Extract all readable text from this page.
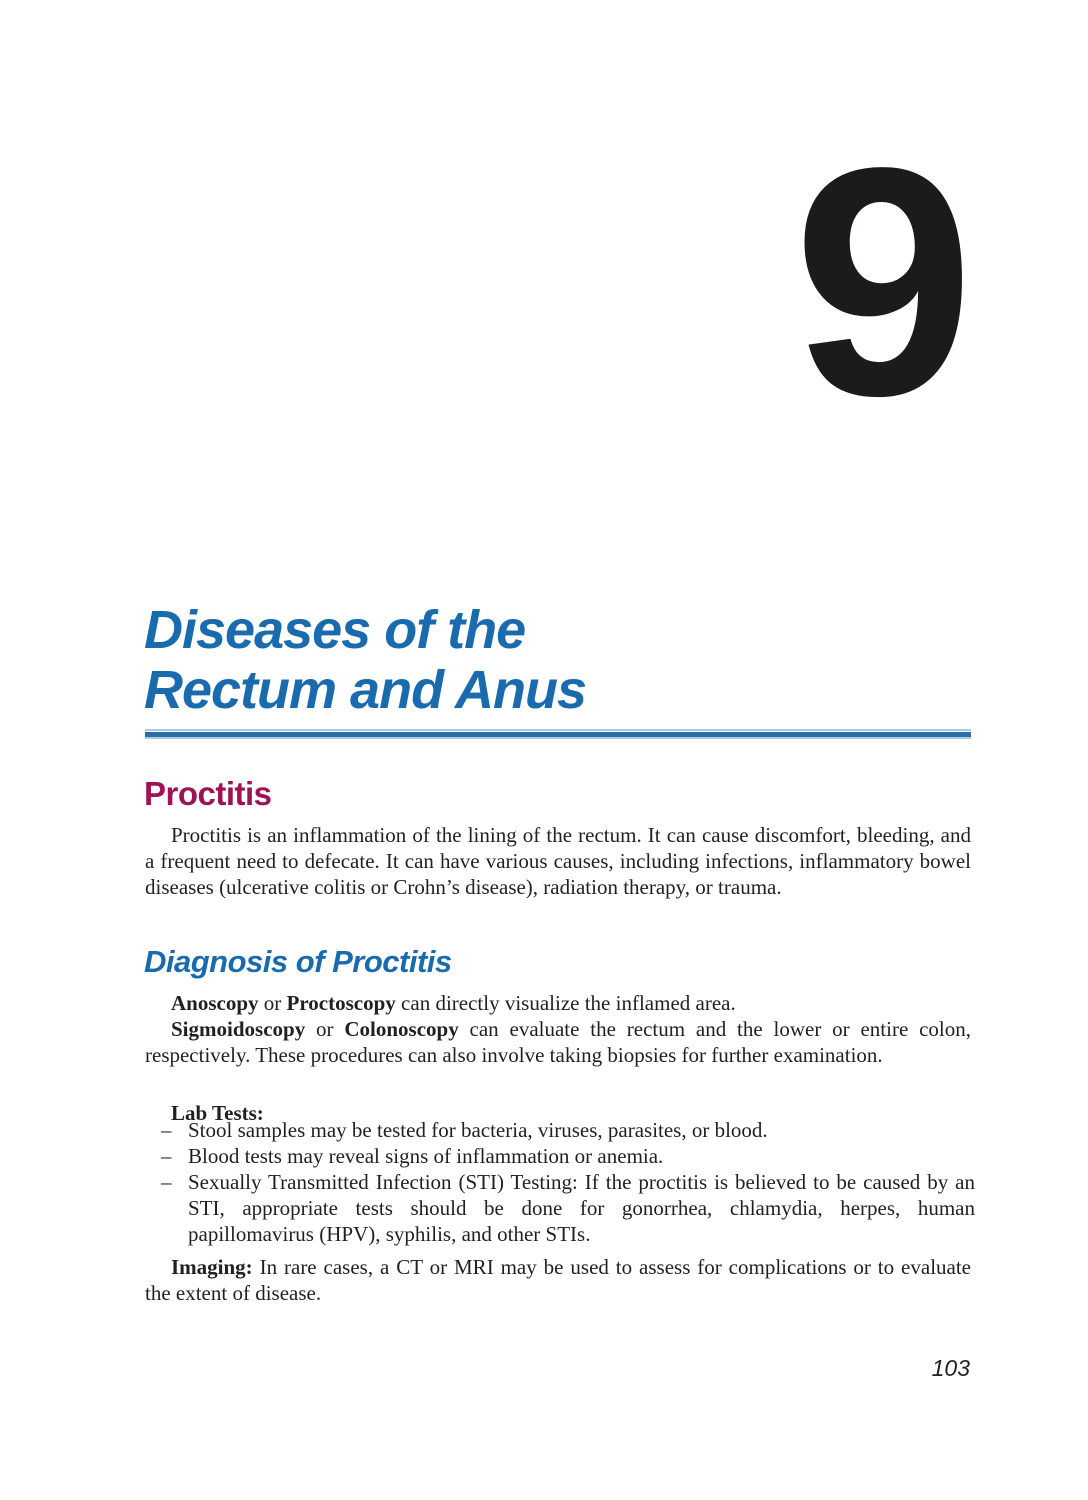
9
Diseases of the
Rectum and Anus
Proctitis

Proctitis is an inflammation of the lining of the rectum. It can cause discomfort, bleeding, and a frequent need to defecate. It can have various causes, including infections, inflammatory bowel diseases (ulcerative colitis or Crohn’s disease), radiation therapy, or trauma.

Diagnosis of Proctitis

Anoscopy or Proctoscopy can directly visualize the inflamed area.

Sigmoidoscopy or Colonoscopy can evaluate the rectum and the lower or entire colon, respectively. These procedures can also involve taking biopsies for further examination.

Lab Tests:

– Stool samples may be tested for bacteria, viruses, parasites, or blood.
– Blood tests may reveal signs of inflammation or anemia.
– Sexually Transmitted Infection (STI) Testing: If the proctitis is believed to be caused by an STI, appropriate tests should be done for gonorrhea, chlamydia, herpes, human papillomavirus (HPV), syphilis, and other STIs.

Imaging: In rare cases, a CT or MRI may be used to assess for complications or to evaluate the extent of disease.

103
